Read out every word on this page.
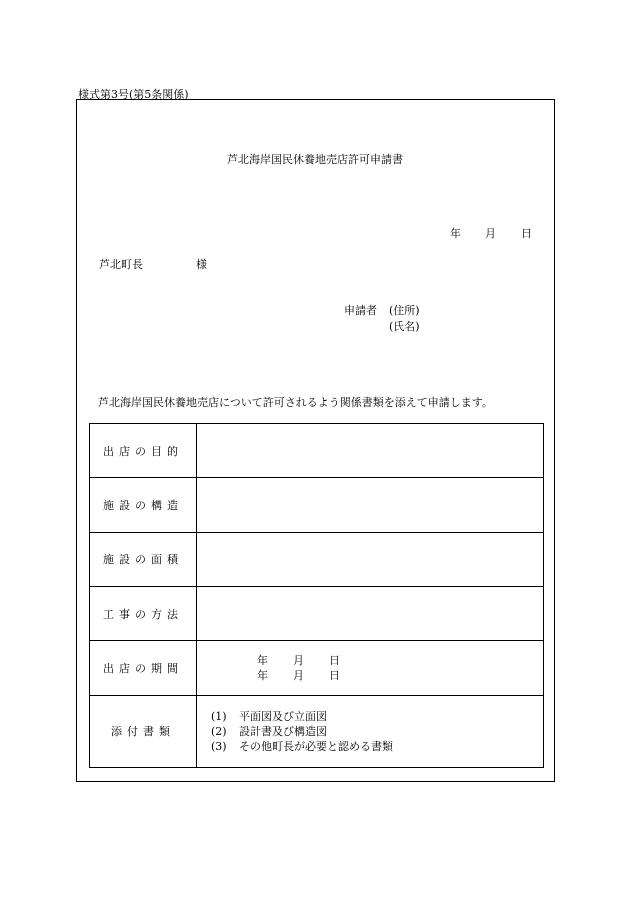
様式第3号(第5条関係)
芦北海岸国民休養地売店許可申請書
年 月 日
芦北町長	様
申請者 (住所)
(氏名)
芦北海岸国民休養地売店について許可されるよう関係書類を添えて申請します。
出店の目的	
施設の構造	
施設の面積	
工事の方法	
出店の期間	年 月 日
年 月 日

添付書類	(1) 平面図及び立面図
(2) 設計書及び構造図
(3) その他町長が必要と認める書類
